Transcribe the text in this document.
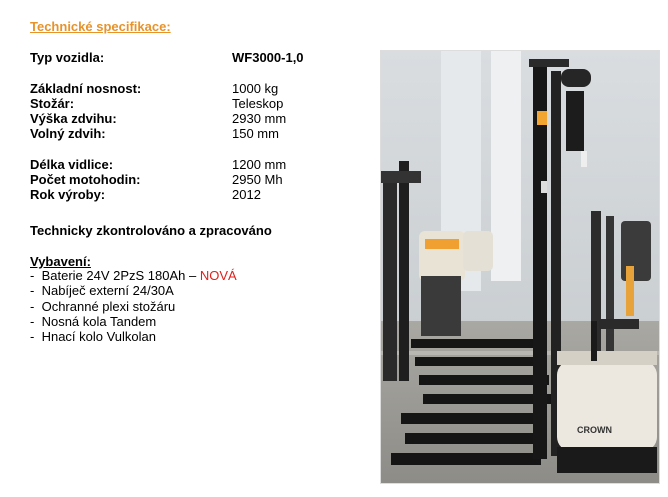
Technické specifikace:
Typ vozidla:	WF3000-1,0
Základní nosnost:	1000 kg
Stožár:	Teleskop
Výška zdvihu:	2930 mm
Volný zdvih:	150 mm
Délka vidlice:	1200 mm
Počet motohodin:	2950 Mh
Rok výroby:	2012
Technicky zkontrolováno a zpracováno
Vybavení:
- Baterie 24V 2PzS 180Ah – NOVÁ
- Nabíječ externí 24/30A
- Ochranné plexi stožáru
- Nosná kola Tandem
- Hnací kolo Vulkolan
CROWN
